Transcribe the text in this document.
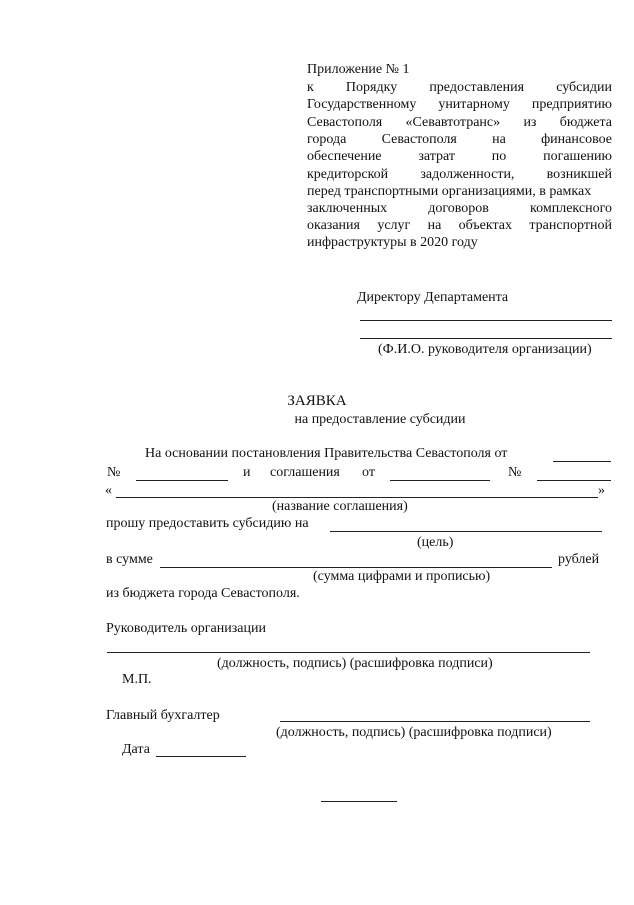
Приложение № 1
к Порядку предоставления субсидии
Государственному унитарному предприятию
Севастополя «Севавтотранс» из бюджета
города	Севастополя	на	финансовое
обеспечение	затрат	по	погашению
кредиторской задолженности, возникшей
перед транспортными организациями, в рамках
заключенных	договоров	комплексного
оказания услуг на объектах транспортной
инфраструктуры в 2020 году
Директору Департамента
(Ф.И.О. руководителя организации)
ЗАЯВКА
на предоставление субсидии
На основании постановления Правительства Севастополя от
№	и соглашения от	№
«	»
(название соглашения)
прошу предоставить субсидию на
(цель)
в сумме	рублей
(сумма цифрами и прописью)
из бюджета города Севастополя.
Руководитель организации
(должность, подпись) (расшифровка подписи)
М.П.
Главный бухгалтер
(должность, подпись) (расшифровка подписи)
Дата
